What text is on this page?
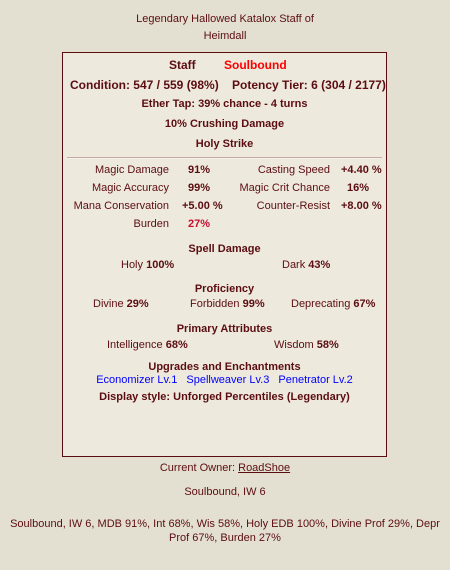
Legendary Hallowed Katalox Staff of
Heimdall
Staff Soulbound
Condition: 547 / 559 (98%) Potency Tier: 6 (304 / 2177)
Ether Tap: 39% chance - 4 turns
10% Crushing Damage
Holy Strike
Magic Damage 91%	Casting Speed +4.40 %
Magic Accuracy 99%	Magic Crit Chance 16%
Mana Conservation +5.00 %	Counter-Resist +8.00 %
Burden 27%
Spell Damage
Holy 100%	Dark 43%
Proficiency
Divine 29%	Forbidden 99% Deprecating 67%
Primary Attributes
Intelligence 68%	Wisdom 58%
Upgrades and Enchantments
Economizer Lv.1 Spellweaver Lv.3 Penetrator Lv.2
Display style: Unforged Percentiles (Legendary)
Current Owner: RoadShoe
Soulbound, IW 6
Soulbound, IW 6, MDB 91%, Int 68%, Wis 58%, Holy EDB 100%, Divine Prof 29%, Depr Prof 67%, Burden 27%
